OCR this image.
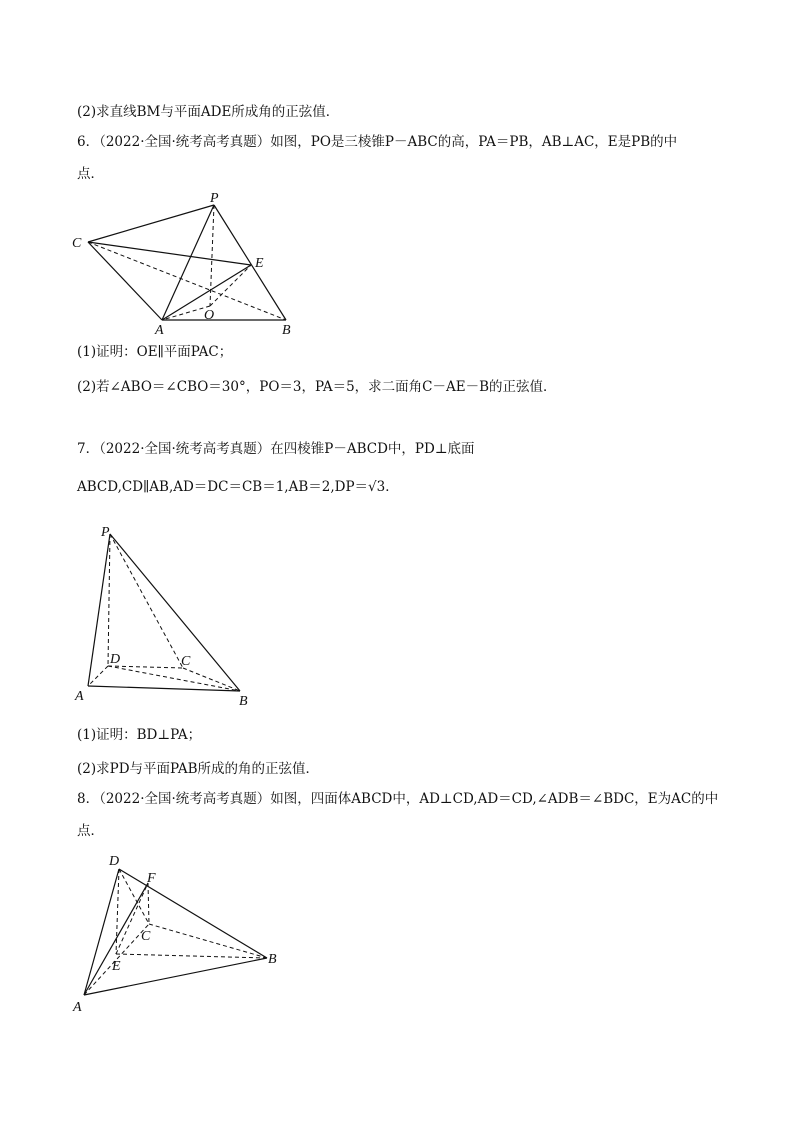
(2)求直线BM与平面ADE所成角的正弦值．
6．（2022·全国·统考高考真题）如图，PO是三棱锥P－ABC的高，PA＝PB，AB⊥AC，E是PB的中
点．
P
C
E
A
O
B
(1)证明：OE∥平面PAC；
(2)若∠ABO＝∠CBO＝30°，PO＝3，PA＝5，求二面角C－AE－B的正弦值．
7．（2022·全国·统考高考真题）在四棱锥P－ABCD中，PD⊥底面
ABCD,CD∥AB,AD＝DC＝CB＝1,AB＝2,DP＝√3．
P
D	C
A	B
(1)证明：BD⊥PA；
(2)求PD与平面PAB所成的角的正弦值．
8．（2022·全国·统考高考真题）如图，四面体ABCD中，AD⊥CD,AD＝CD,∠ADB＝∠BDC，E为AC的中
点．
D
F
C
E	B
A
